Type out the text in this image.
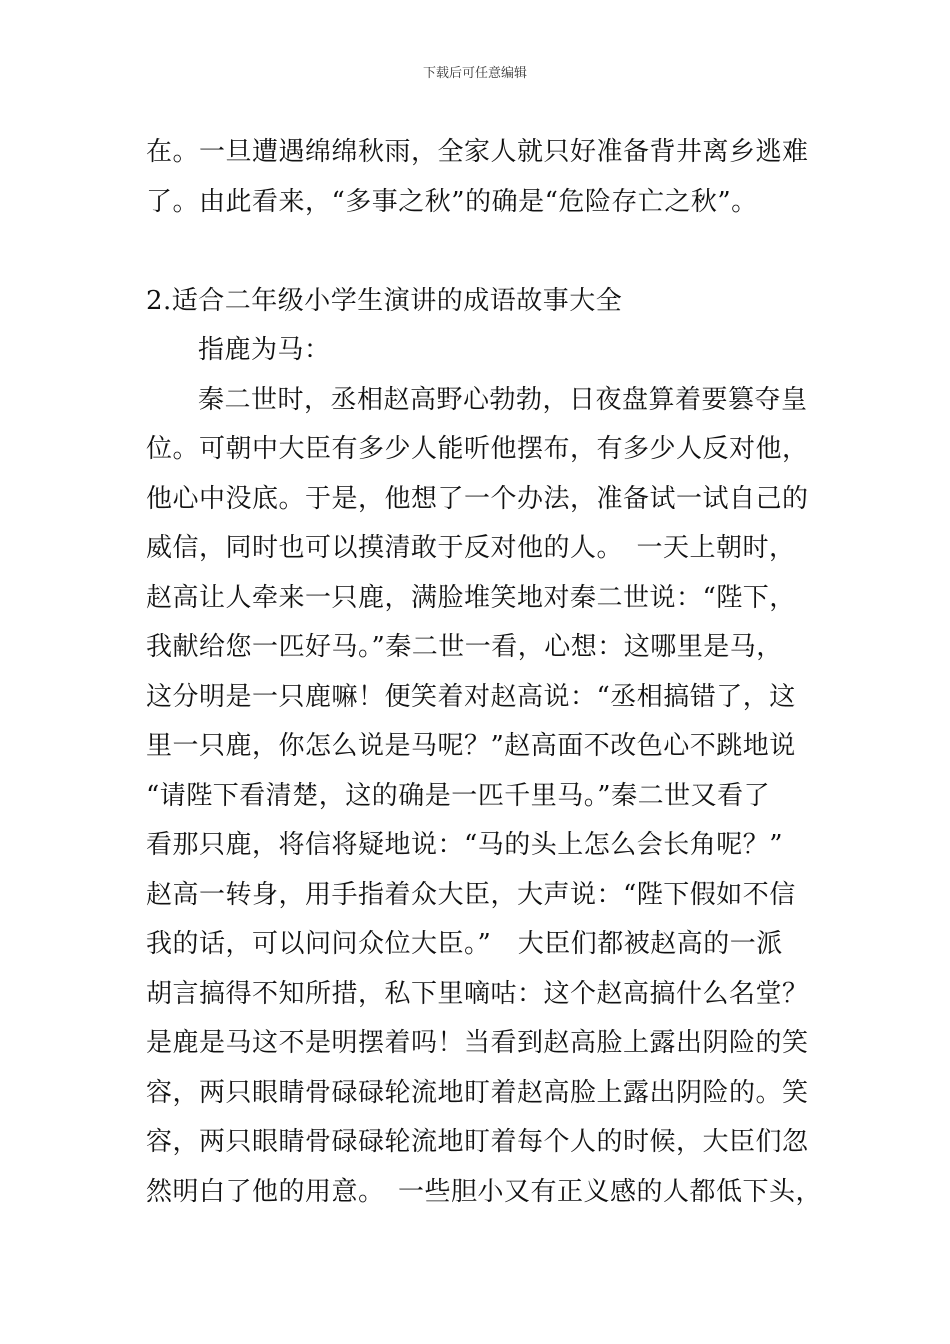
下载后可任意编辑

在。一旦遭遇绵绵秋雨，全家人就只好准备背井离乡逃难
了。由此看来，“多事之秋”的确是“危险存亡之秋”。

2.适合二年级小学生演讲的成语故事大全

指鹿为马：

秦二世时，丞相赵高野心勃勃，日夜盘算着要篡夺皇
位。可朝中大臣有多少人能听他摆布，有多少人反对他，
他心中没底。于是，他想了一个办法，准备试一试自己的
威信，同时也可以摸清敢于反对他的人。　一天上朝时，
赵高让人牵来一只鹿，满脸堆笑地对秦二世说：“陛下，
我献给您一匹好马。”秦二世一看，心想：这哪里是马，
这分明是一只鹿嘛！便笑着对赵高说：“丞相搞错了，这
里一只鹿，你怎么说是马呢？”赵高面不改色心不跳地说
“请陛下看清楚，这的确是一匹千里马。”秦二世又看了
看那只鹿，将信将疑地说：“马的头上怎么会长角呢？”
赵高一转身，用手指着众大臣，大声说：“陛下假如不信
我的话，可以问问众位大臣。”　大臣们都被赵高的一派
胡言搞得不知所措，私下里嘀咕：这个赵高搞什么名堂？
是鹿是马这不是明摆着吗！当看到赵高脸上露出阴险的笑
容，两只眼睛骨碌碌轮流地盯着赵高脸上露出阴险的。笑
容，两只眼睛骨碌碌轮流地盯着每个人的时候，大臣们忽
然明白了他的用意。　一些胆小又有正义感的人都低下头，
